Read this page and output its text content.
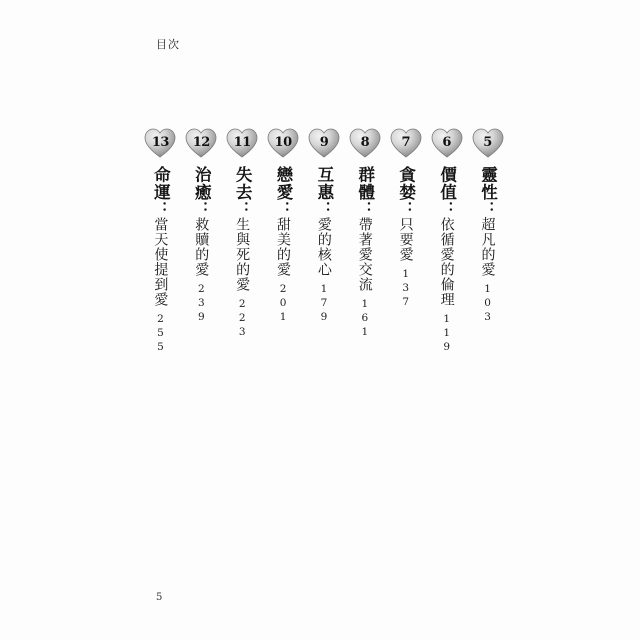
目次
5
靈性：超凡的愛
103
6
價值：依循愛的倫理
119
7
貪婪：只要愛
137
8
群體：帶著愛交流
161
9
互惠：愛的核心
179
10
戀愛：甜美的愛
201
11
失去：生與死的愛
223
12
治癒：救贖的愛
239
13
命運：當天使提到愛
255
5
